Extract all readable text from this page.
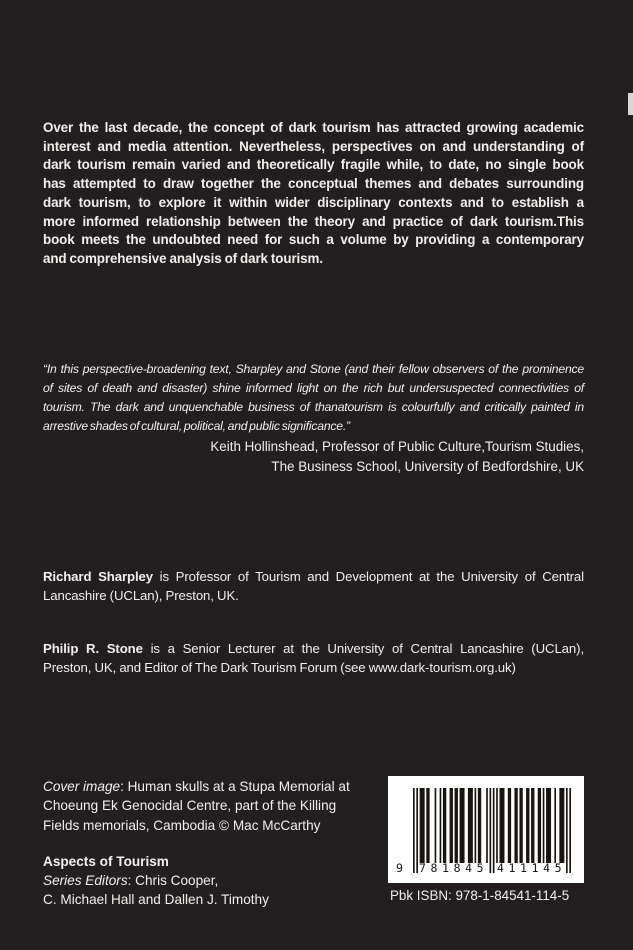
Over the last decade, the concept of dark tourism has attracted growing academic
interest and media attention. Nevertheless, perspectives on and understanding of
dark tourism remain varied and theoretically fragile while, to date, no single book
has attempted to draw together the conceptual themes and debates surrounding
dark tourism, to explore it within wider disciplinary contexts and to establish a
more informed relationship between the theory and practice of dark tourism.This
book meets the undoubted need for such a volume by providing a contemporary
and comprehensive analysis of dark tourism.
“In this perspective-broadening text, Sharpley and Stone (and their fellow observers of the prominence
of sites of death and disaster) shine informed light on the rich but undersuspected connectivities of
tourism. The dark and unquenchable business of thanatourism is colourfully and critically painted in
arrestive shades of cultural, political, and public significance.”
Keith Hollinshead, Professor of Public Culture,Tourism Studies,
The Business School, University of Bedfordshire, UK
Richard Sharpley is Professor of Tourism and Development at the University of Central
Lancashire (UCLan), Preston, UK.
Philip R. Stone is a Senior Lecturer at the University of Central Lancashire (UCLan),
Preston, UK, and Editor of The Dark Tourism Forum (see www.dark-tourism.org.uk)
Cover image: Human skulls at a Stupa Memorial at
Choeung Ek Genocidal Centre, part of the Killing
Fields memorials, Cambodia © Mac McCarthy
Aspects of Tourism
Series Editors: Chris Cooper,
C. Michael Hall and Dallen J. Timothy
9 781845 411145
Pbk ISBN: 978-1-84541-114-5
